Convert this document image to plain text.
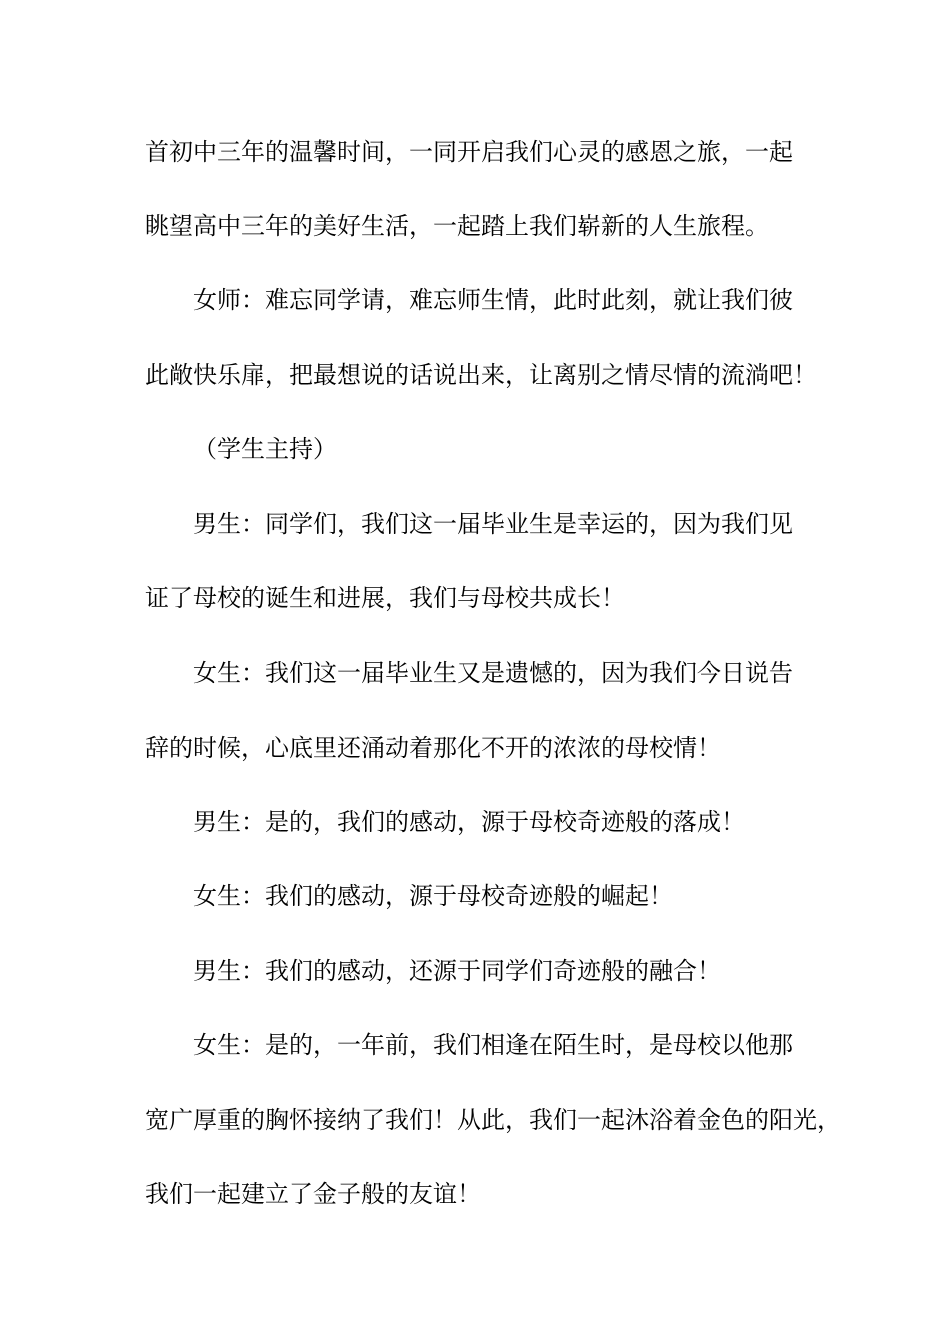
首初中三年的温馨时间，一同开启我们心灵的感恩之旅，一起
眺望高中三年的美好生活，一起踏上我们崭新的人生旅程。
女师：难忘同学请，难忘师生情，此时此刻，就让我们彼
此敞快乐扉，把最想说的话说出来，让离别之情尽情的流淌吧！
（学生主持）
男生：同学们，我们这一届毕业生是幸运的，因为我们见
证了母校的诞生和进展，我们与母校共成长！
女生：我们这一届毕业生又是遗憾的，因为我们今日说告
辞的时候，心底里还涌动着那化不开的浓浓的母校情！
男生：是的，我们的感动，源于母校奇迹般的落成！
女生：我们的感动，源于母校奇迹般的崛起！
男生：我们的感动，还源于同学们奇迹般的融合！
女生：是的，一年前，我们相逢在陌生时，是母校以他那
宽广厚重的胸怀接纳了我们！从此，我们一起沐浴着金色的阳光，
我们一起建立了金子般的友谊！
